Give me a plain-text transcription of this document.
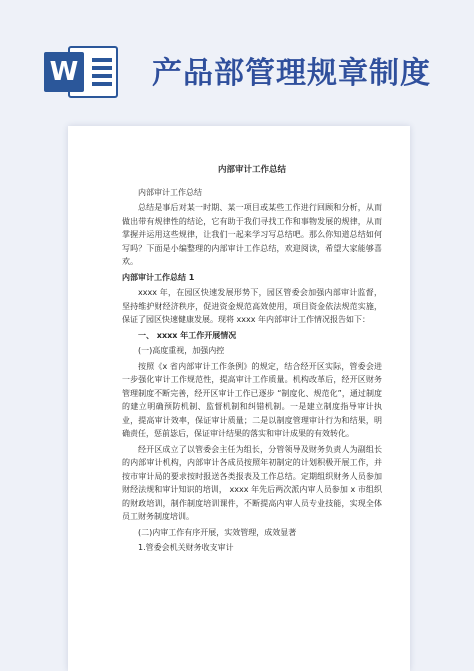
W 产品部管理规章制度
内部审计工作总结

内部审计工作总结

总结是事后对某一时期、某一项目或某些工作进行回顾和分析，从而做出带有规律性的结论，它有助于我们寻找工作和事物发展的规律，从而掌握并运用这些规律，让我们一起来学习写总结吧。那么你知道总结如何写吗？下面是小编整理的内部审计工作总结，欢迎阅读，希望大家能够喜欢。

内部审计工作总结 1

xxxx 年，在园区快速发展形势下，园区管委会加强内部审计监督，坚持维护财经济秩序，促进资金规范高效使用，项目资金依法规范实施，保证了园区快速健康发展。现将 xxxx 年内部审计工作情况报告如下：

一、 xxxx 年工作开展情况

(一)高度重视，加强内控

按照《x 省内部审计工作条例》的规定，结合经开区实际，管委会进一步强化审计工作规范性，提高审计工作质量。机构改革后，经开区财务管理制度不断完善，经开区审计工作已逐步 “制度化、规范化”，通过制度的建立明确预防机制、监督机制和纠错机制。一是建立制度指导审计执业，提高审计效率，保证审计质量；二是以制度管理审计行为和结果，明确责任，惩前毖后，保证审计结果的落实和审计成果的有效转化。

经开区成立了以管委会主任为组长，分管领导及财务负责人为副组长的内部审计机构，内部审计各成员按照年初制定的计划积极开展工作，并按市审计局的要求按时报送各类报表及工作总结。定期组织财务人员参加财经法规和审计知识的培训， xxxx 年先后两次派内审人员参加 x 市组织的财政培训，制作制度培训课件，不断提高内审人员专业技能，实现全体员工财务制度培训。

(二)内审工作有序开展，实效管理，成效显著

1.管委会机关财务收支审计
